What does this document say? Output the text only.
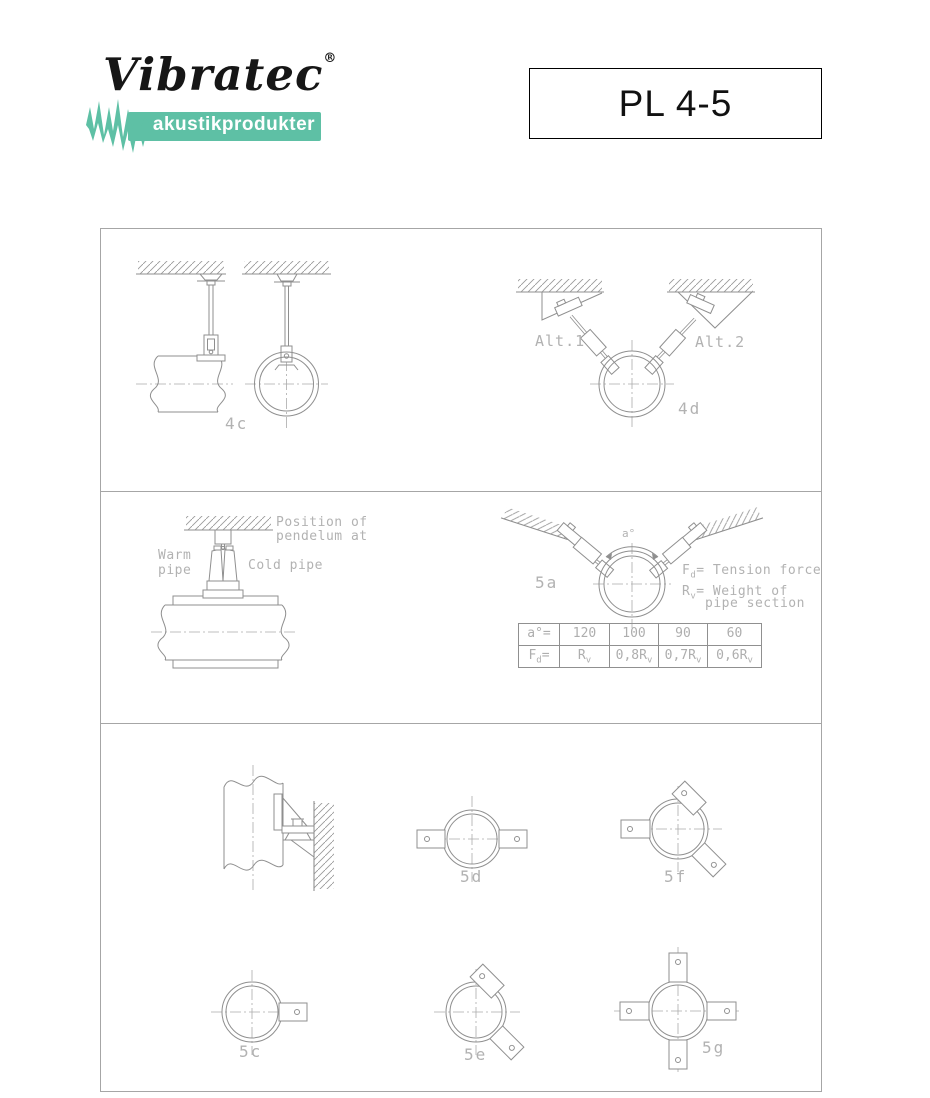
Vibratec®
akustikprodukter
PL 4-5
4c
Alt.1	Alt.2
4d
Warm
pipe	Cold pipe
Position of
pendelum at
5a
a°
$F_d=$ Tension force
$R_v=$ Weight of
pipe section
5d	5f
5c	5e	5g
a°=	120	100	90	60
$F_d=$	$R_v$	$0,8R_v$	$0,7R_v$	$0,6R_v$
